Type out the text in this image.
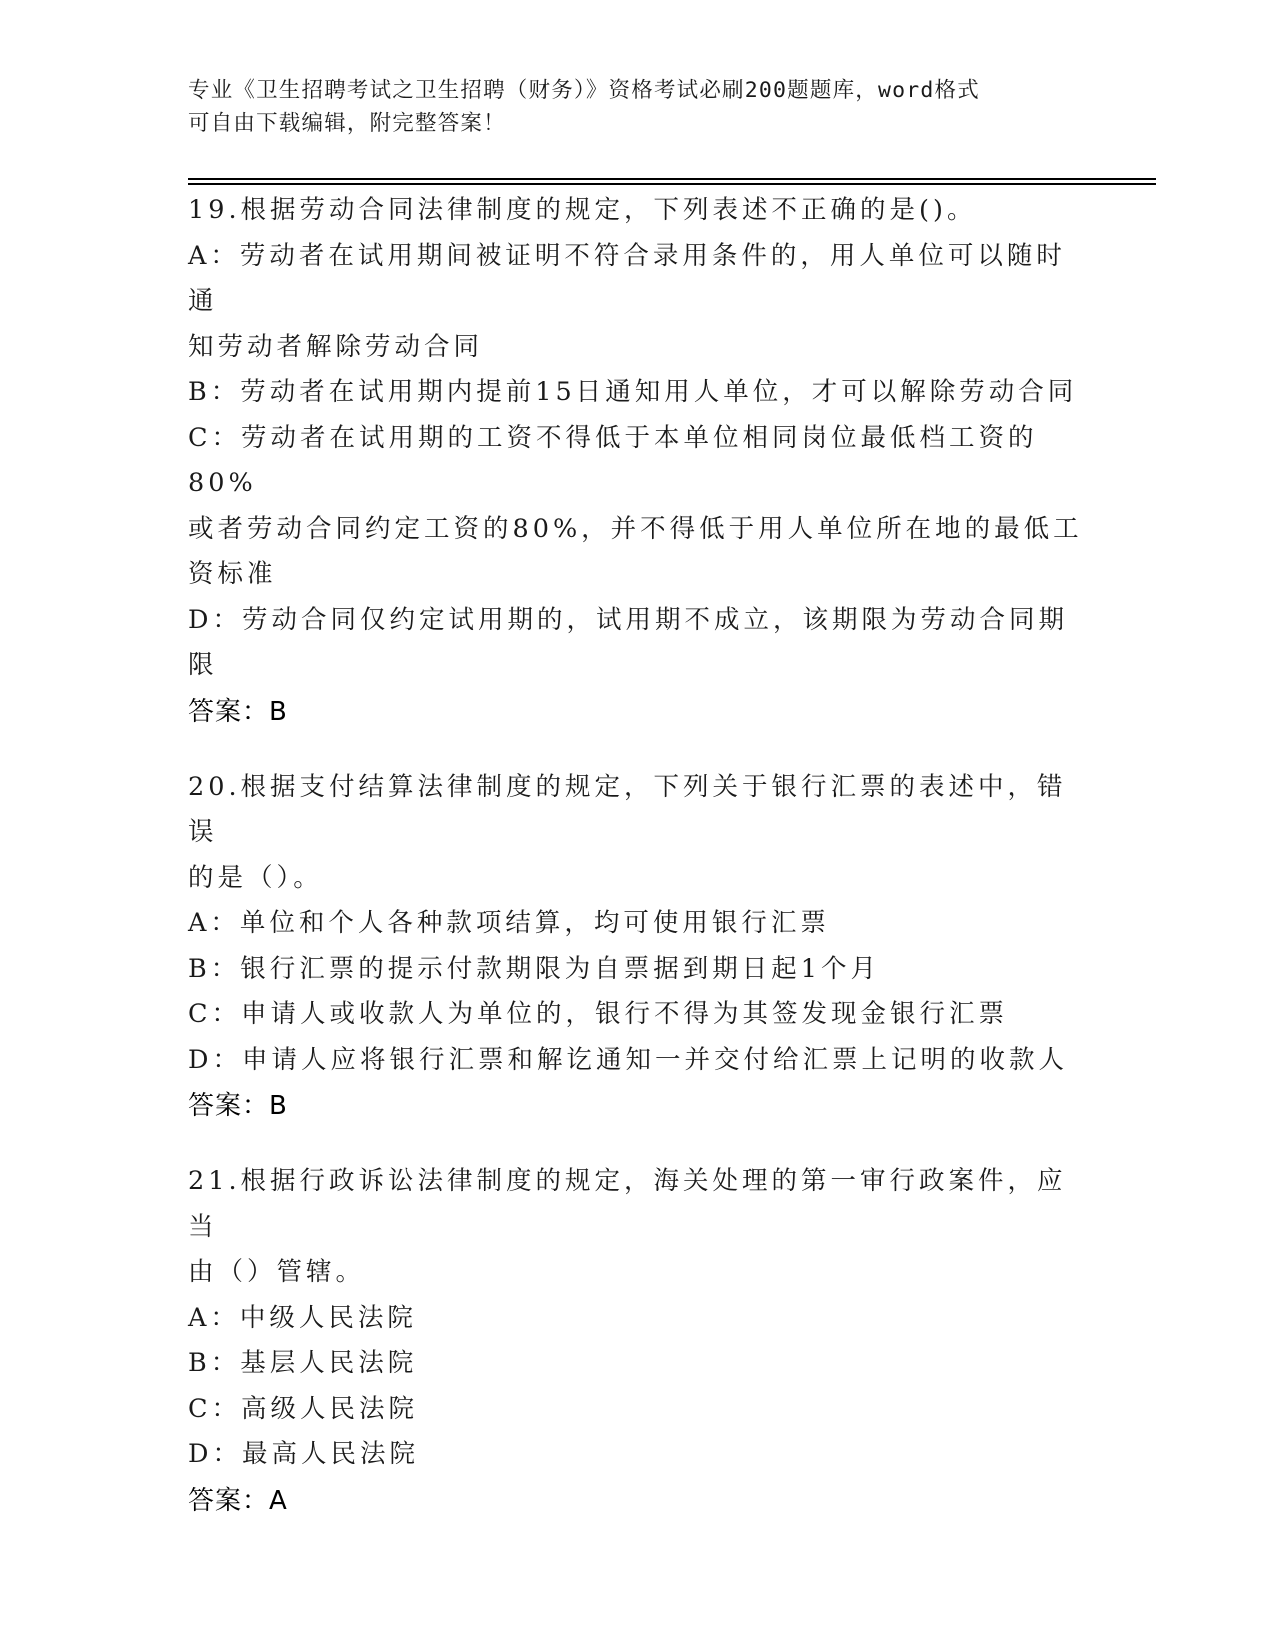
专业《卫生招聘考试之卫生招聘（财务）》资格考试必刷200题题库，word格式
可自由下载编辑，附完整答案！
19.根据劳动合同法律制度的规定，下列表述不正确的是()。
A：劳动者在试用期间被证明不符合录用条件的，用人单位可以随时通
知劳动者解除劳动合同
B：劳动者在试用期内提前15日通知用人单位，才可以解除劳动合同
C：劳动者在试用期的工资不得低于本单位相同岗位最低档工资的80%
或者劳动合同约定工资的80%，并不得低于用人单位所在地的最低工
资标准
D：劳动合同仅约定试用期的，试用期不成立，该期限为劳动合同期限
答案：B
20.根据支付结算法律制度的规定，下列关于银行汇票的表述中，错误
的是（）。
A：单位和个人各种款项结算，均可使用银行汇票
B：银行汇票的提示付款期限为自票据到期日起1个月
C：申请人或收款人为单位的，银行不得为其签发现金银行汇票
D：申请人应将银行汇票和解讫通知一并交付给汇票上记明的收款人
答案：B
21.根据行政诉讼法律制度的规定，海关处理的第一审行政案件，应当
由（）管辖。
A：中级人民法院
B：基层人民法院
C：高级人民法院
D：最高人民法院
答案：A
